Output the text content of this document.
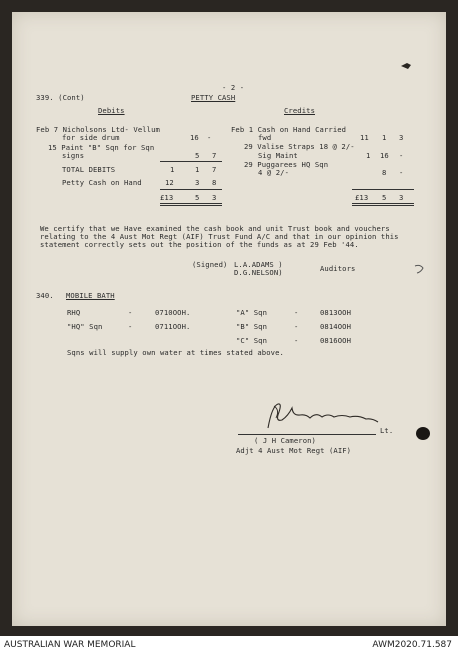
- 2 -
339. (Cont)	PETTY CASH
Debits
Feb 7 Nicholsons Ltd- Vellum
for side drum	16 -
15 Paint "B" Sqn for Sqn
signs	5 7
TOTAL DEBITS	1	1 7
Petty Cash on Hand	12	3 8
£13	5 3
Credits
Feb 1 Cash on Hand Carried
fwd	11 1 3
29 Valise Straps 18 @ 2/-
Sig Maint	1 16 -
29 Puggarees HQ Sqn
4 @ 2/-	8 -
£13 5 3
We certify that we Have examined the cash book and unit Trust book and vouchers
relating to the 4 Aust Mot Regt (AIF) Trust Fund A/C and that in our opinion this
statement correctly sets out the position of the funds as at 29 Feb '44.
(Signed) L.A.ADAMS )
D.G.NELSON)	Auditors
340. MOBILE BATH
RHQ	-	0710OOH.	"A" Sqn	-	0813OOH
"HQ" Sqn	-	0711OOH.	"B" Sqn	-	0814OOH
"C" Sqn	-	0816OOH
Sqns will supply own water at times stated above.
( J H Cameron)
Lt.
Adjt 4 Aust Mot Regt (AIF)
AUSTRALIAN WAR MEMORIAL	AWM2020.71.587
